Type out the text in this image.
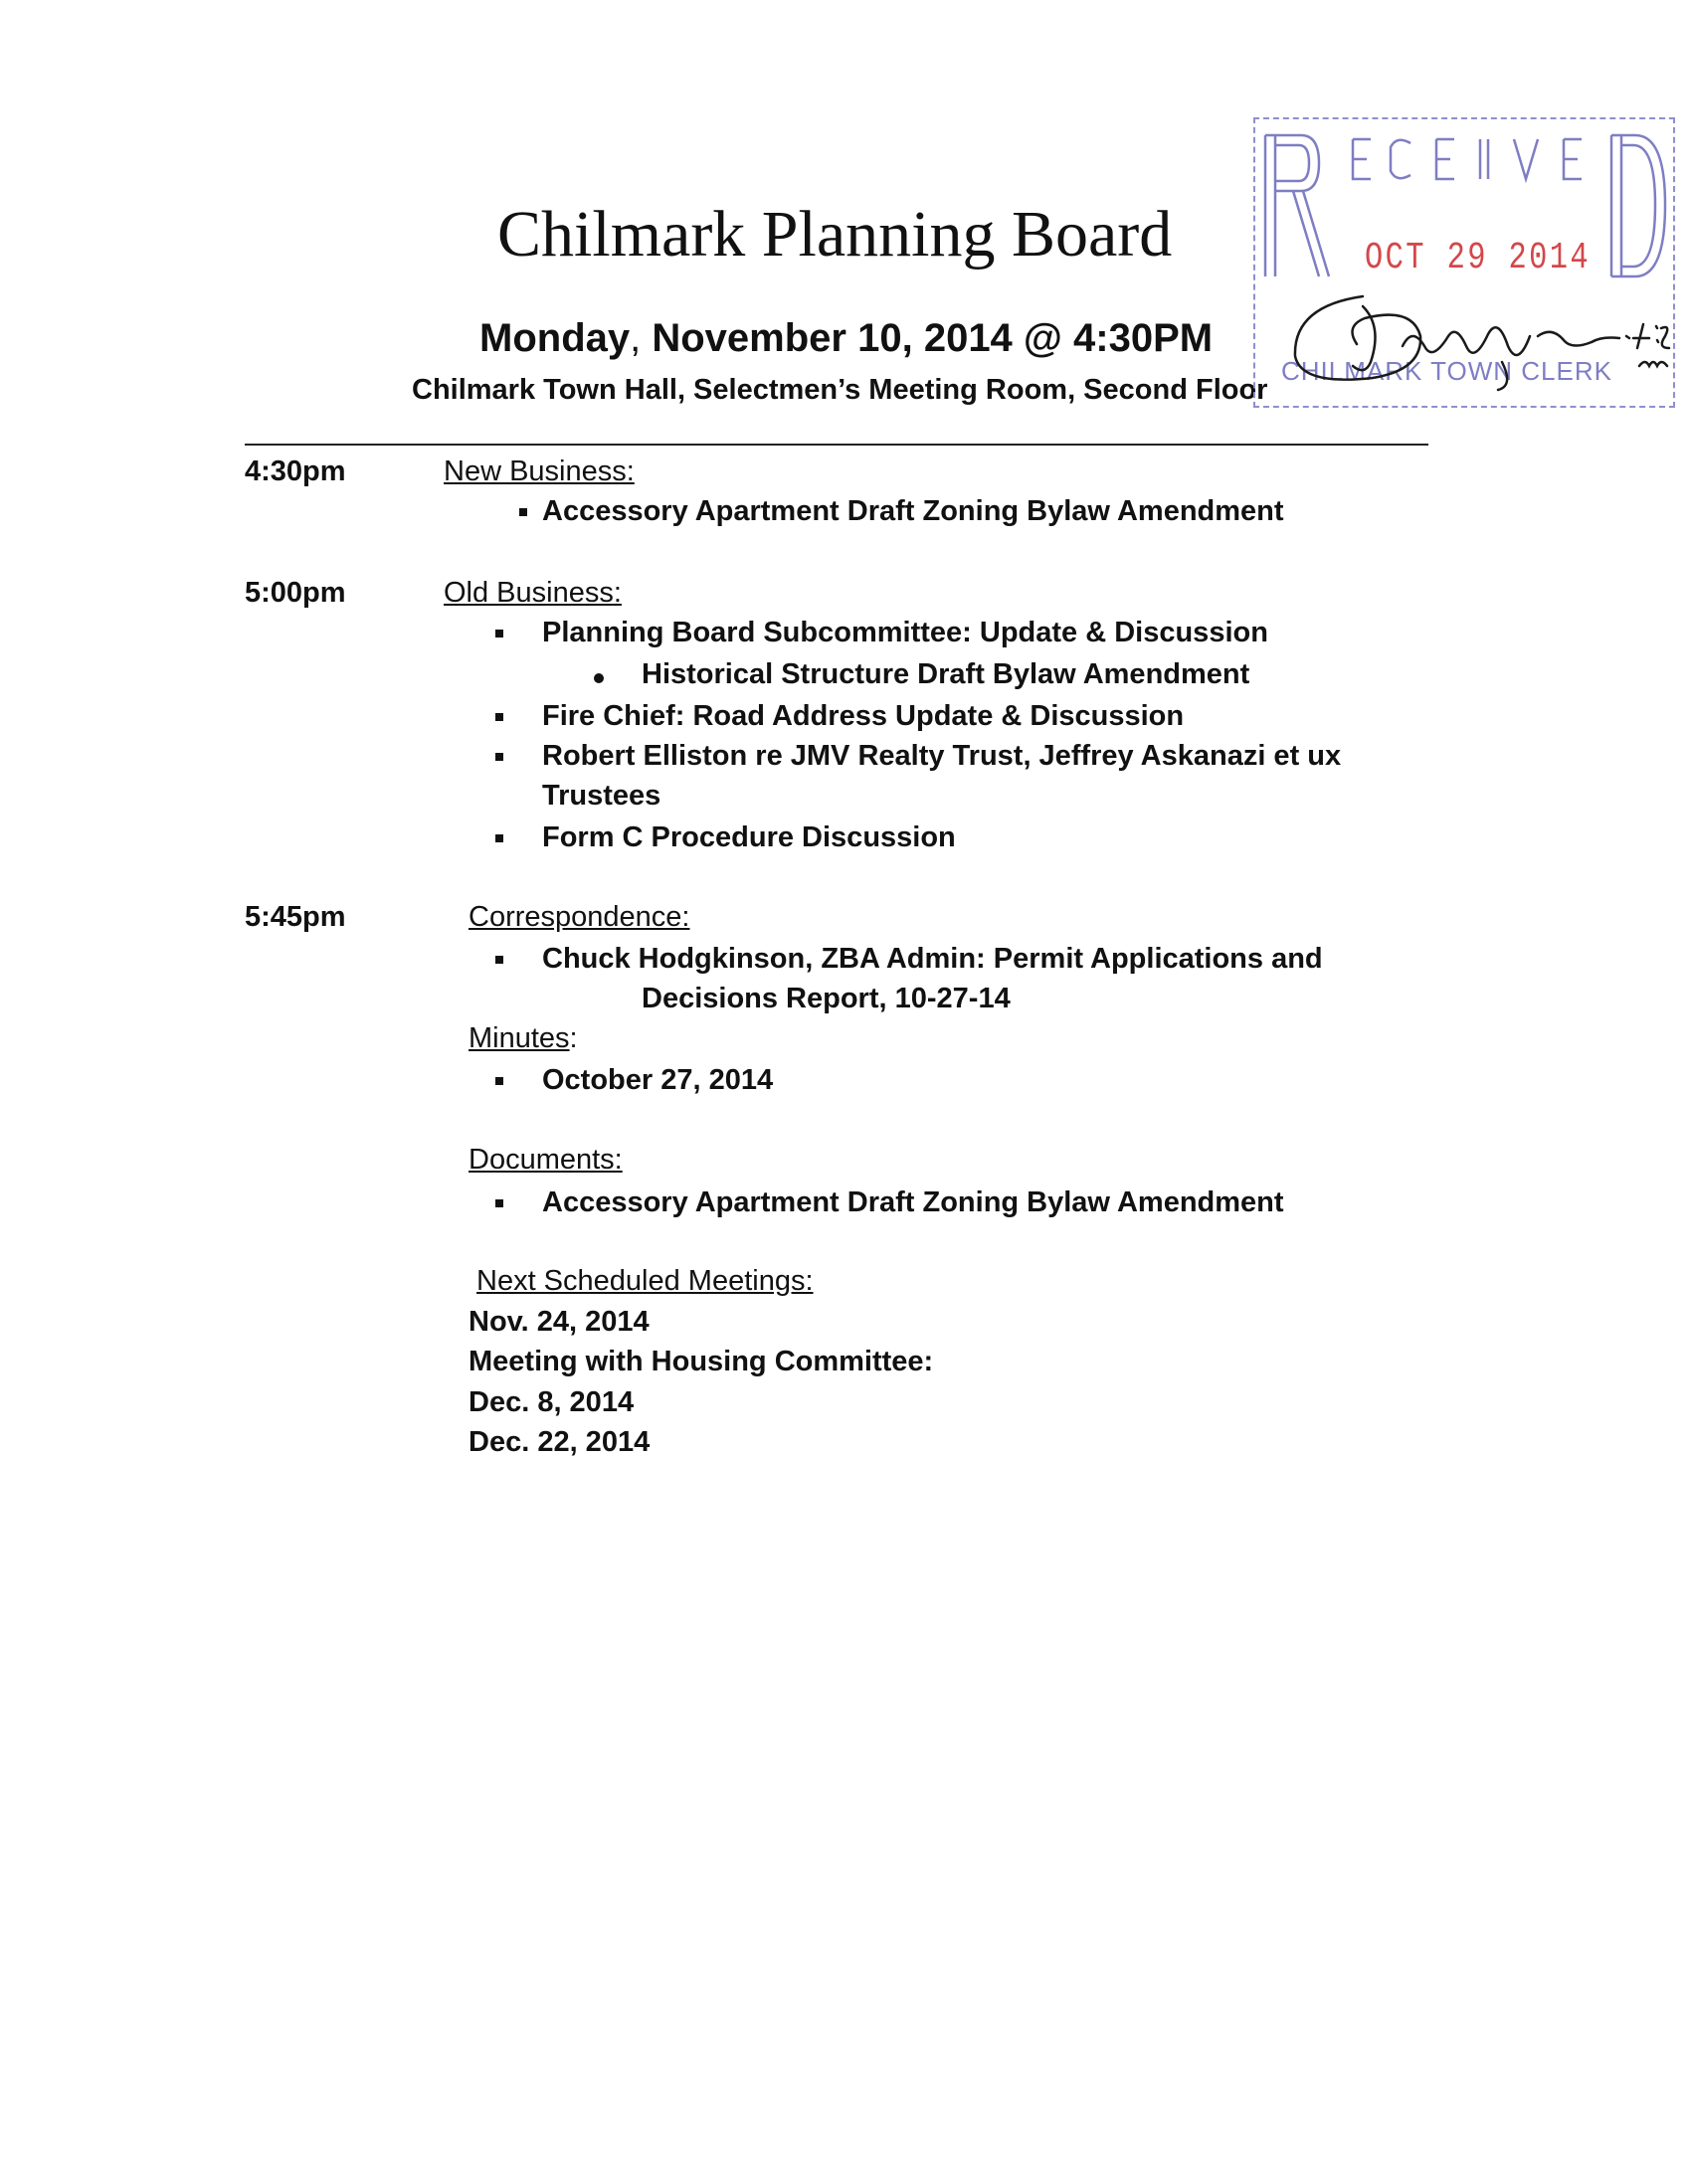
Chilmark Planning Board
Monday, November 10, 2014 @ 4:30PM
Chilmark Town Hall, Selectmen’s Meeting Room, Second Floor
OCT 29 2014
CHILMARK TOWN CLERK
4:30pm	New Business:
Accessory Apartment Draft Zoning Bylaw Amendment
5:00pm	Old Business:
Planning Board Subcommittee: Update & Discussion
Historical Structure Draft Bylaw Amendment
Fire Chief: Road Address Update & Discussion
Robert Elliston re JMV Realty Trust, Jeffrey Askanazi et ux
Trustees
Form C Procedure Discussion
5:45pm	Correspondence:
Chuck Hodgkinson, ZBA Admin: Permit Applications and
Decisions Report, 10-27-14
Minutes:
October 27, 2014
Documents:
Accessory Apartment Draft Zoning Bylaw Amendment
Next Scheduled Meetings:
Nov. 24, 2014
Meeting with Housing Committee:
Dec. 8, 2014
Dec. 22, 2014
